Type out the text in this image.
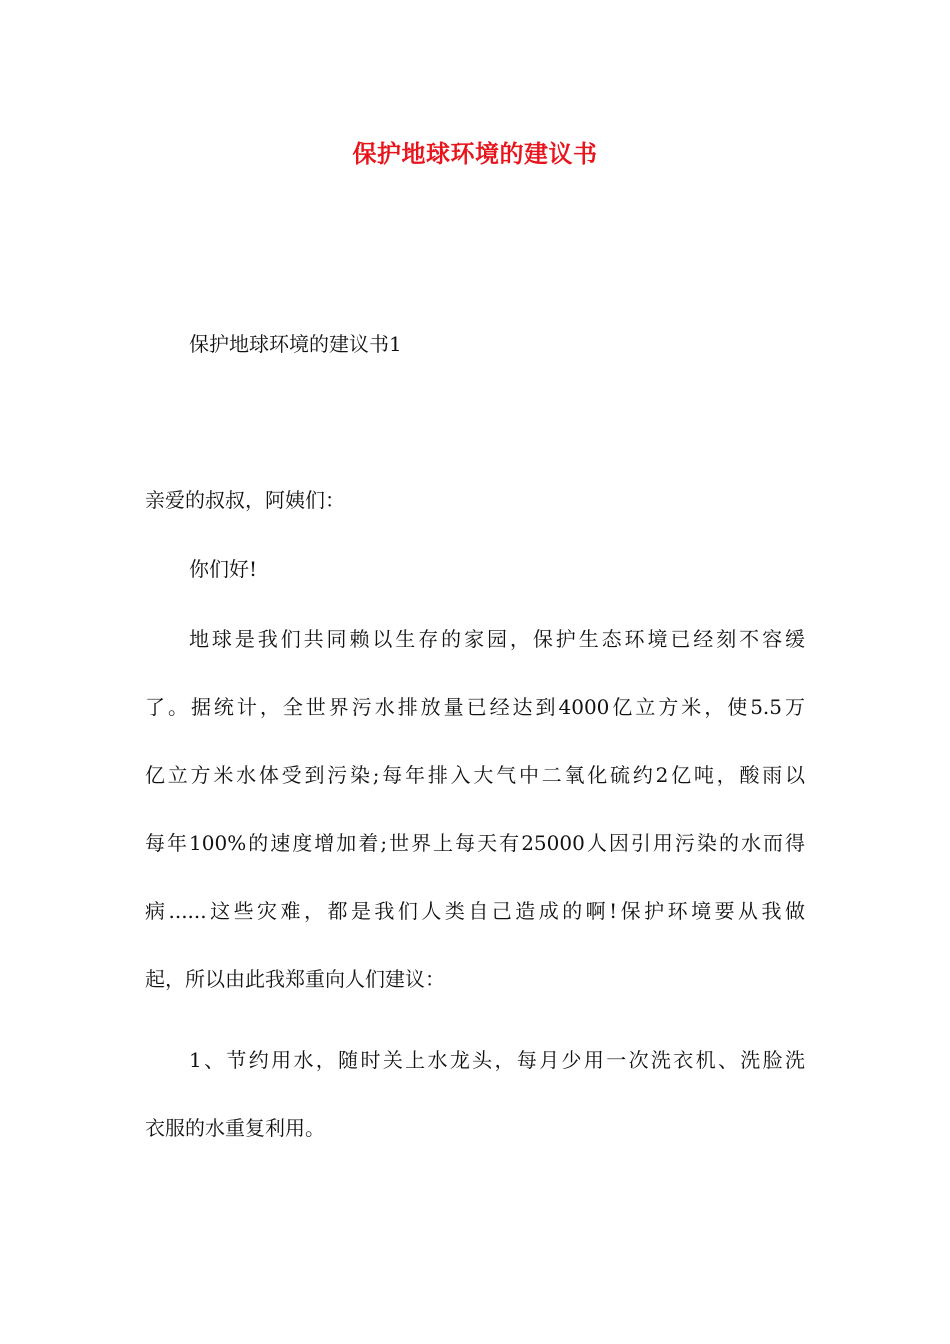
保护地球环境的建议书
保护地球环境的建议书1
亲爱的叔叔，阿姨们：
你们好!
地球是我们共同赖以生存的家园，保护生态环境已经刻不容缓
了。据统计，全世界污水排放量已经达到4000亿立方米，使5.5万
亿立方米水体受到污染;每年排入大气中二氧化硫约2亿吨，酸雨以
每年100%的速度增加着;世界上每天有25000人因引用污染的水而得
病......这些灾难，都是我们人类自己造成的啊!保护环境要从我做
起，所以由此我郑重向人们建议：
1、节约用水，随时关上水龙头，每月少用一次洗衣机、洗脸洗
衣服的水重复利用。
